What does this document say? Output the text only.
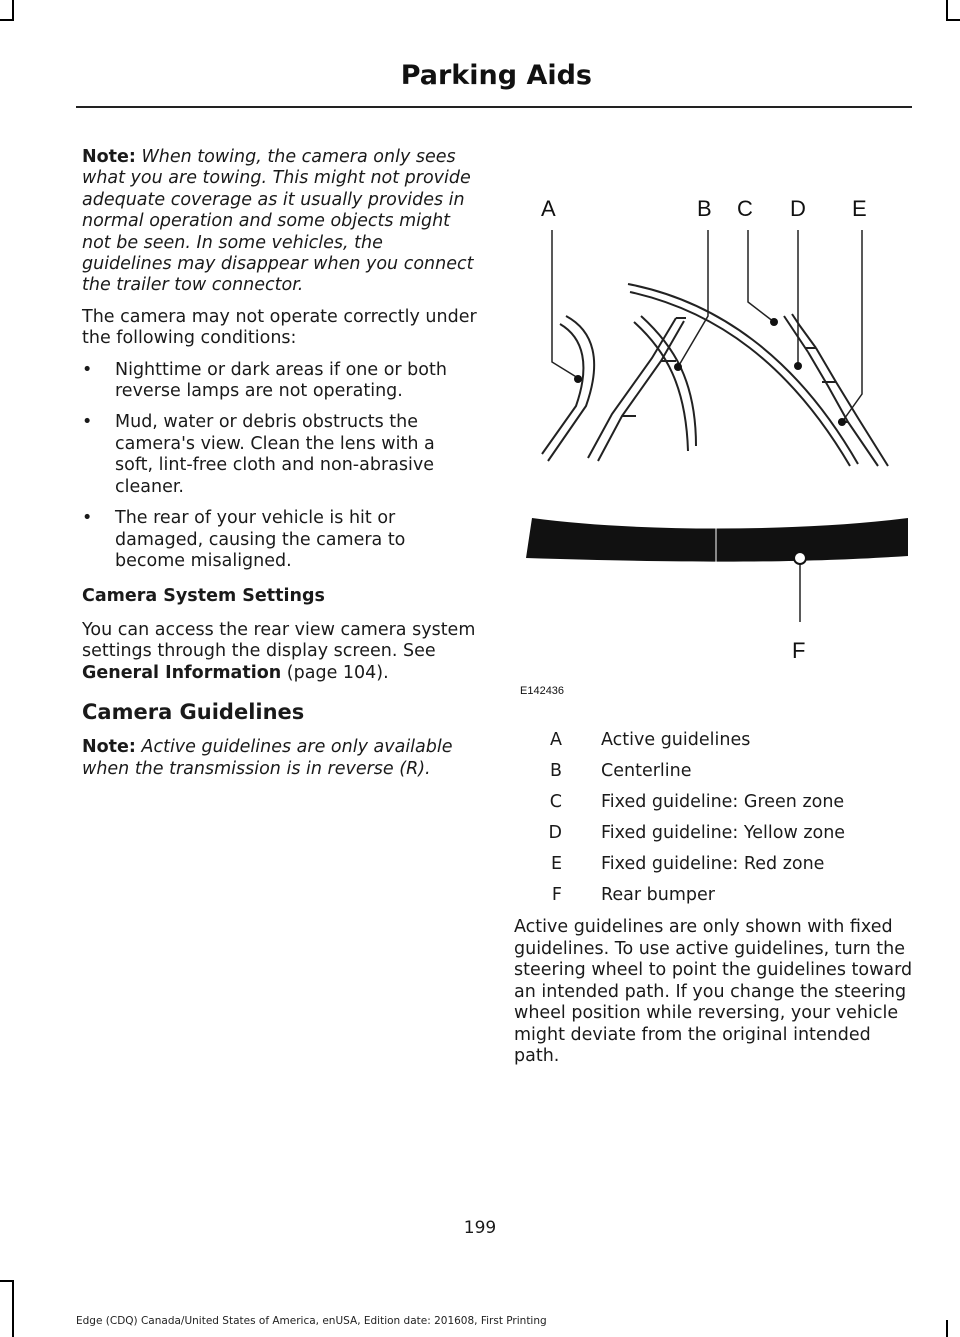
Parking Aids

Note: When towing, the camera only sees what you are towing. This might not provide adequate coverage as it usually provides in normal operation and some objects might not be seen. In some vehicles, the guidelines may disappear when you connect the trailer tow connector.

The camera may not operate correctly under the following conditions:

• Nighttime or dark areas if one or both reverse lamps are not operating.
• Mud, water or debris obstructs the camera's view. Clean the lens with a soft, lint-free cloth and non-abrasive cleaner.
• The rear of your vehicle is hit or damaged, causing the camera to become misaligned.
Camera System Settings

You can access the rear view camera system settings through the display screen. See General Information (page 104).

Camera Guidelines

Note: Active guidelines are only available when the transmission is in reverse (R).

A	B C D E
F
E142436
A Active guidelines
B Centerline
C Fixed guideline: Green zone
D Fixed guideline: Yellow zone
E Fixed guideline: Red zone
F Rear bumper

Active guidelines are only shown with fixed guidelines. To use active guidelines, turn the steering wheel to point the guidelines toward an intended path. If you change the steering wheel position while reversing, your vehicle might deviate from the original intended path.

199
Edge (CDQ) Canada/United States of America, enUSA, Edition date: 201608, First Printing
